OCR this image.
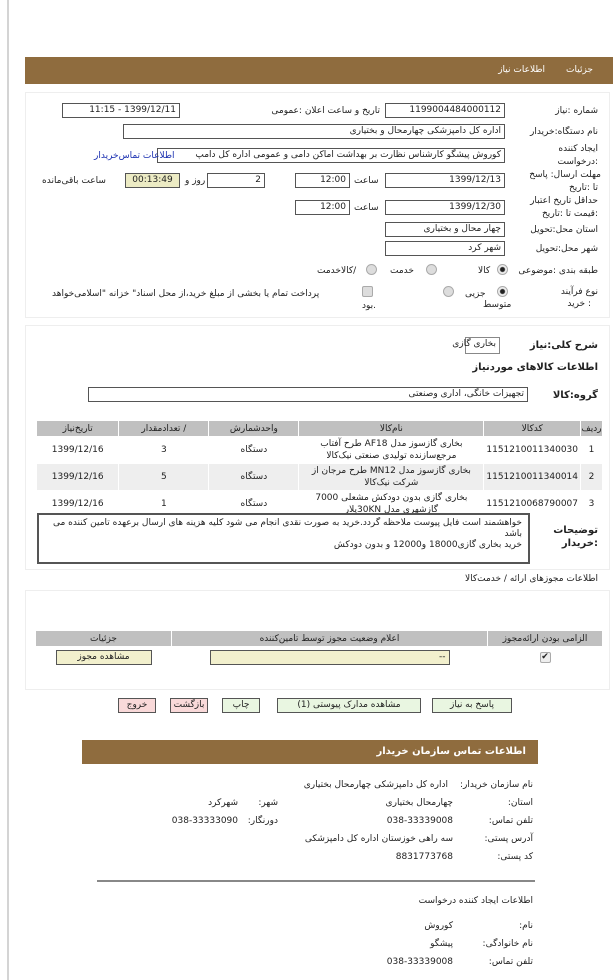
جزئیات
اطلاعات نیاز
شماره :نیاز
1199004484000112
تاریخ و ساعت اعلان :عمومی
1399/12/11 - 11:15
نام دستگاه:خریدار
اداره کل دامپزشکی چهارمحال و بختیاری
ایجاد کننده
:درخواست
کوروش پیشگو کارشناس نظارت بر بهداشت اماکن دامی و عمومی اداره کل دامپ
اطلاعات تماس‌خریدار
مهلت ارسال: پاسخ
تا :تاریخ
1399/12/13
ساعت
12:00
2
روز و
00:13:49
ساعت باقی‌مانده
حداقل تاریخ اعتبار
:قیمت تا :تاریخ
1399/12/30
ساعت
12:00
استان محل:تحویل
چهار محال و بختیاری
شهر محل:تحویل
شهر کرد
طبقه بندی :موضوعی
کالا
خدمت
/کالاخدمت
نوع فرآیند
: خرید
جزیی
متوسط
پرداخت تمام یا بخشی از مبلغ خرید،از محل اسناد" خزانه "اسلامی‌خواهد
.بود
شرح کلی:نیاز
بخاری گازی
اطلاعات کالاهای موردنیاز
گروه:کالا
تجهیزات خانگی، اداری وصنعتی
ردیف	کدکالا	نام‌کالا	واحدشمارش	/ تعدادمقدار	تاریخ‌نیاز
1	1151210011340030	بخاری گازسوز مدل AF18 طرح آفتاب مرجع‌سازنده تولیدی صنعتی نیک‌کالا	دستگاه	3	1399/12/16
2	1151210011340014	بخاری گازسوز مدل MN12 طرح مرجان از شرکت نیک‌کالا	دستگاه	5	1399/12/16
3	1151210068790007	بخاری گازی بدون دودکش مشعلی 7000 گازشهری مدل 30KNپلار	دستگاه	1	1399/12/16
توضیحات
:خریدار
خواهشمند است فایل پیوست ملاحظه گردد.خرید به صورت نقدی انجام می شود کلیه هزینه های ارسال برعهده تامین کننده می باشد
خرید بخاری گازی18000 و12000 و بدون دودکش
اطلاعات مجوزهای ارائه / خدمت‌کالا
الزامی بودن ارائه‌مجوز	اعلام وضعیت مجوز توسط تامین‌کننده	جزئیات

✔	--	مشاهده مجوز
پاسخ به نیاز
مشاهده مدارک پیوستی (1)
چاپ
بازگشت
خروج
اطلاعات تماس سازمان خریدار
نام سازمان خریدار:
اداره کل دامپزشکی چهارمحال بختیاری
استان:
چهارمحال بختیاری
شهر:
شهرکرد
تلفن تماس:
038-33339008
دورنگار:
038-33333090
آدرس پستی:
سه راهی خوزستان اداره کل دامپزشکی
کد پستی:
8831773768
اطلاعات ایجاد کننده درخواست
نام:
کوروش
نام خانوادگی:
پیشگو
تلفن تماس:
038-33339008
